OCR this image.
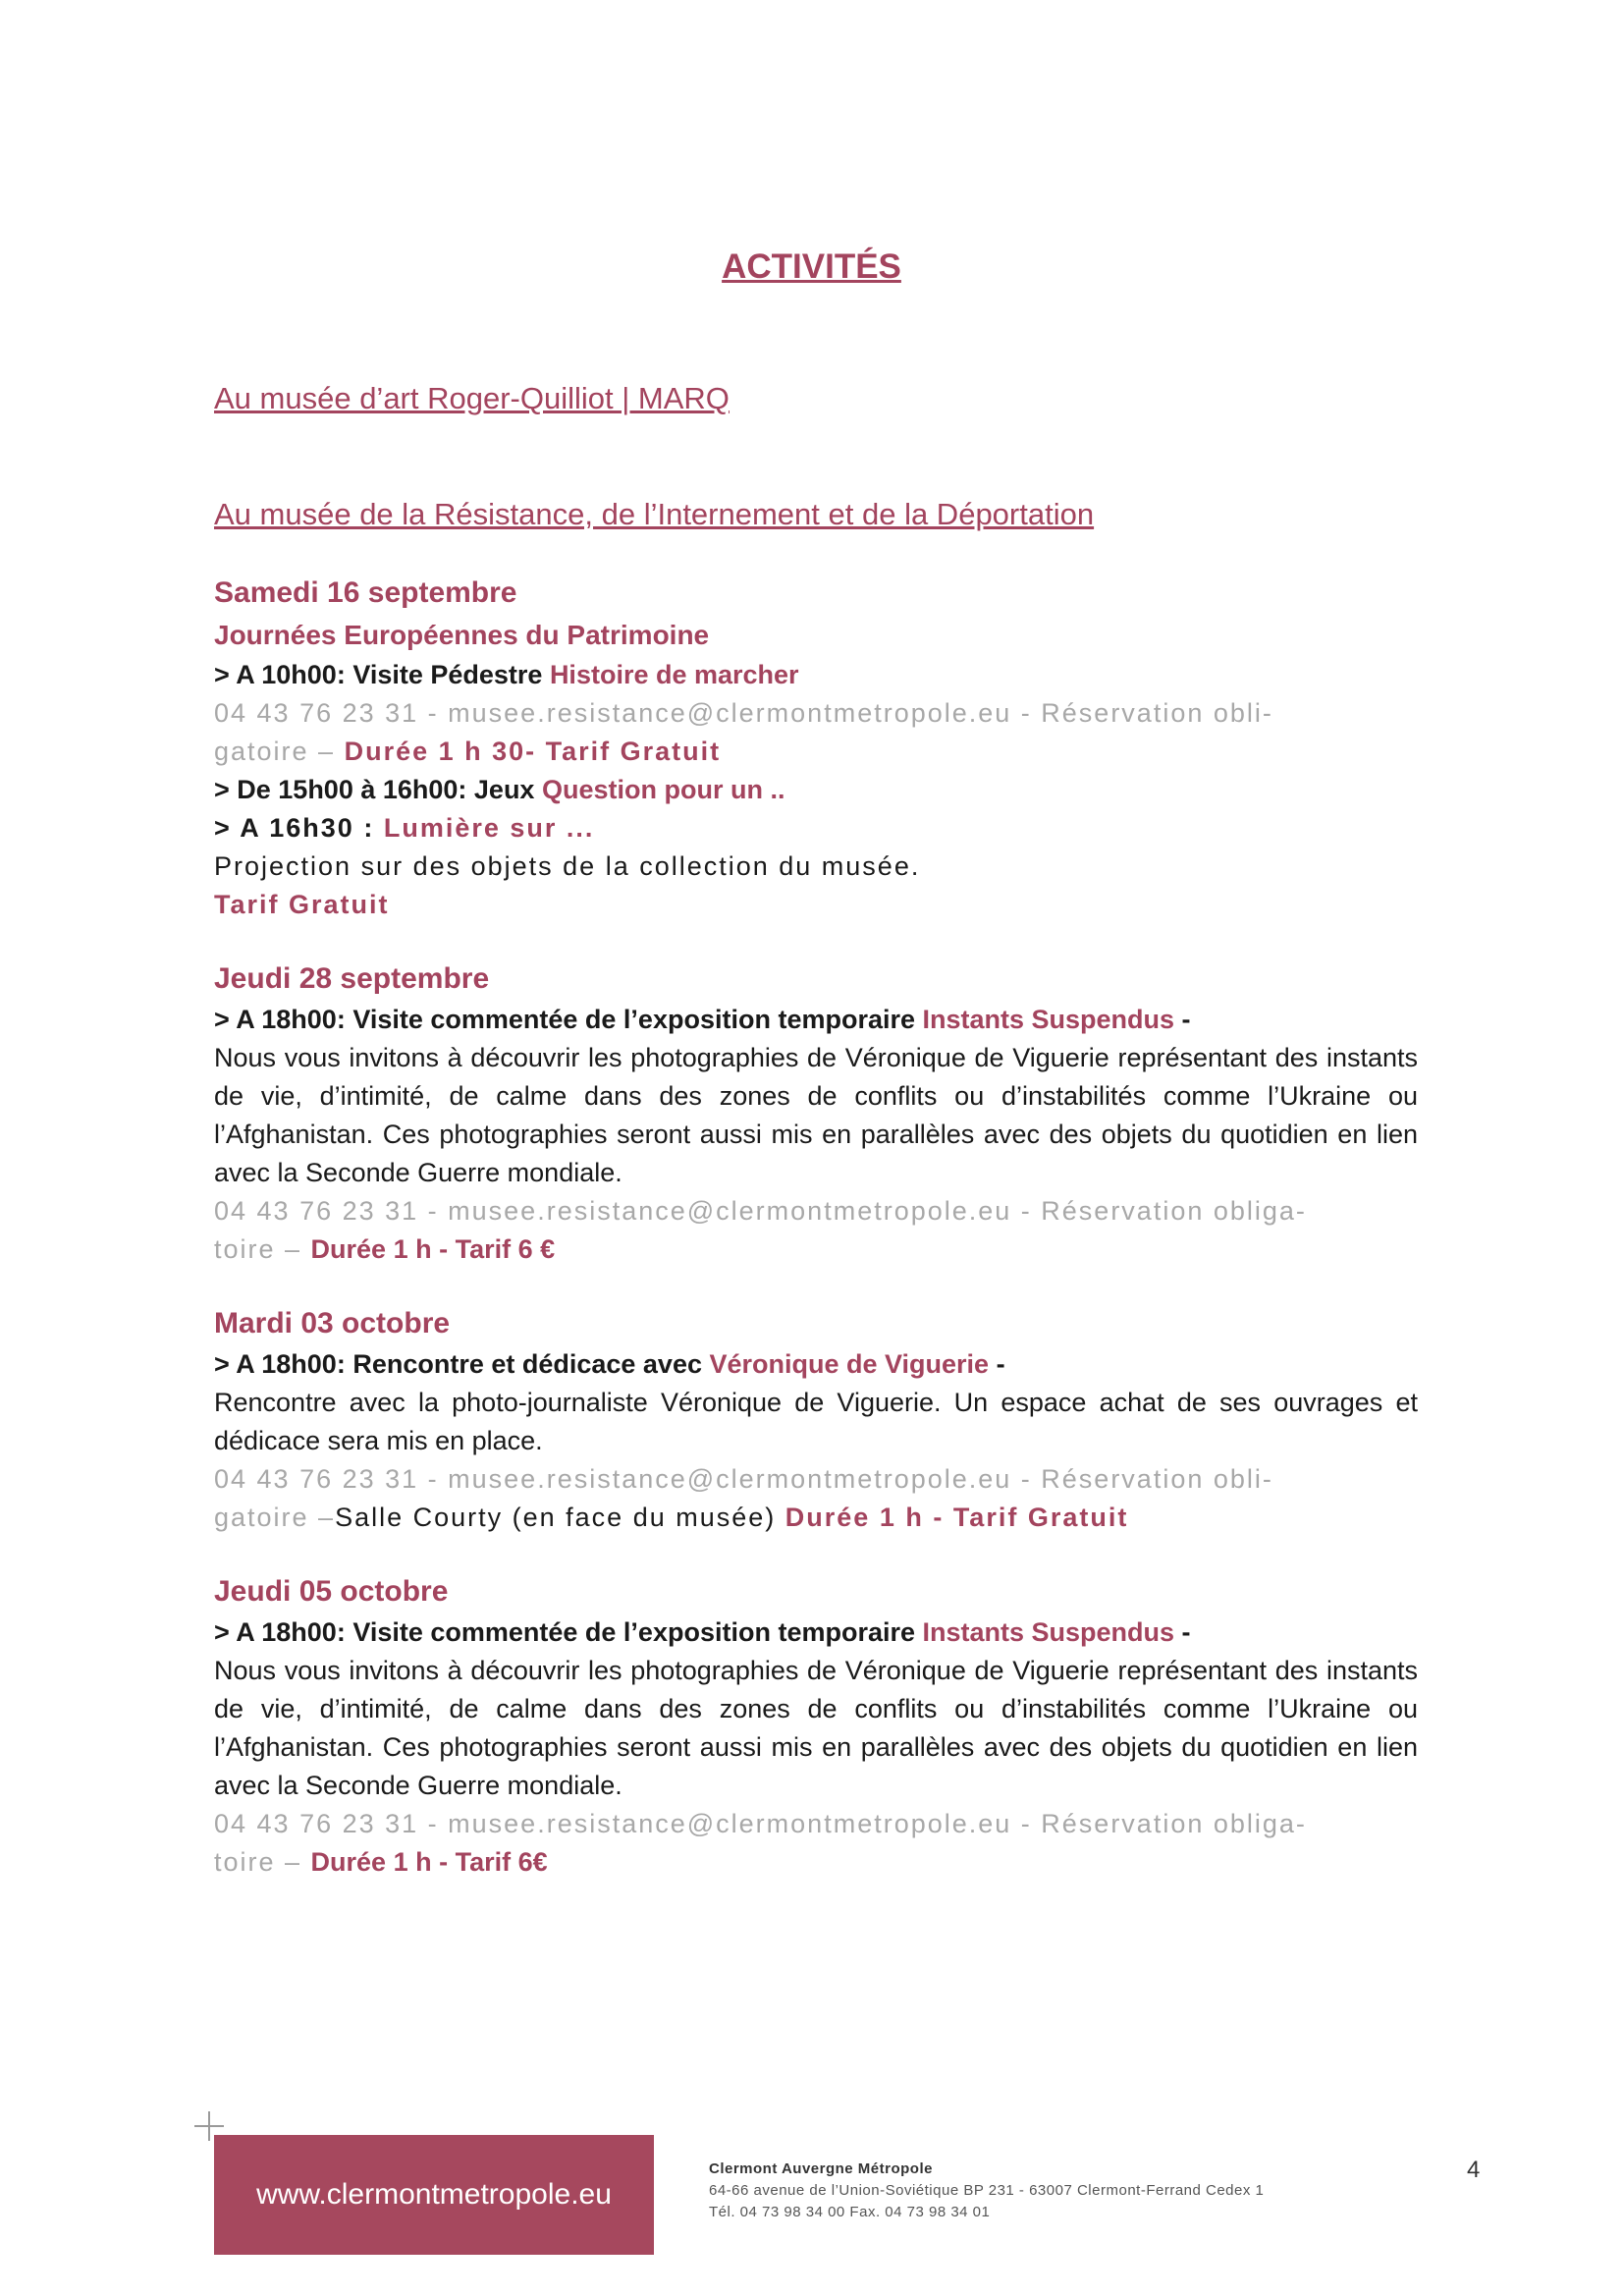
ACTIVITÉS
Au musée d’art Roger-Quilliot | MARQ
Au musée de la Résistance, de l’Internement et de la Déportation
Samedi 16 septembre
Journées Européennes du Patrimoine
> A 10h00: Visite Pédestre Histoire de marcher
04 43 76 23 31 - musee.resistance@clermontmetropole.eu - Réservation obli-
gatoire – Durée 1 h 30- Tarif Gratuit
> De 15h00 à 16h00: Jeux Question pour un ..
> A 16h30 : Lumière sur ...
Projection sur des objets de la collection du musée.
Tarif Gratuit
Jeudi 28 septembre
> A 18h00: Visite commentée de l’exposition temporaire Instants Suspendus -
Nous vous invitons à découvrir les photographies de Véronique de Viguerie représentant des instants de vie, d’intimité, de calme dans des zones de conflits ou d’instabilités comme l’Ukraine ou l’Afghanistan. Ces photographies seront aussi mis en parallèles avec des objets du quotidien en lien avec la Seconde Guerre mondiale.
04 43 76 23 31 - musee.resistance@clermontmetropole.eu - Réservation obliga-
toire – Durée 1 h - Tarif 6 €
Mardi 03 octobre
> A 18h00: Rencontre et dédicace avec Véronique de Viguerie -
Rencontre avec la photo-journaliste Véronique de Viguerie. Un espace achat de ses ouvrages et dédicace sera mis en place.
04 43 76 23 31 - musee.resistance@clermontmetropole.eu - Réservation obli-
gatoire –Salle Courty (en face du musée) Durée 1 h - Tarif Gratuit
Jeudi 05 octobre
> A 18h00: Visite commentée de l’exposition temporaire Instants Suspendus -
Nous vous invitons à découvrir les photographies de Véronique de Viguerie représentant des instants de vie, d’intimité, de calme dans des zones de conflits ou d’instabilités comme l’Ukraine ou l’Afghanistan. Ces photographies seront aussi mis en parallèles avec des objets du quotidien en lien avec la Seconde Guerre mondiale.
04 43 76 23 31 - musee.resistance@clermontmetropole.eu - Réservation obliga-
toire – Durée 1 h - Tarif 6€
www.clermontmetropole.eu
Clermont Auvergne Métropole
64-66 avenue de l’Union-Soviétique BP 231 - 63007 Clermont-Ferrand Cedex 1
Tél. 04 73 98 34 00 Fax. 04 73 98 34 01
4
